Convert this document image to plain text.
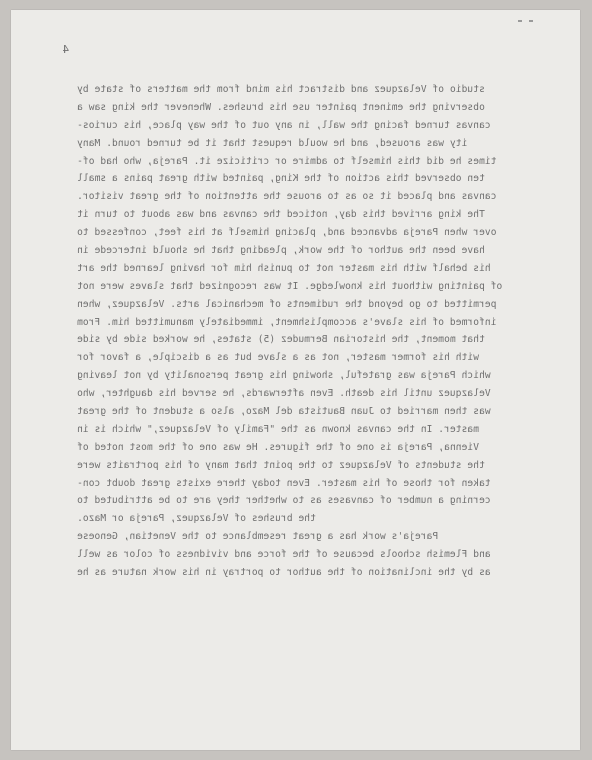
4
studio of Velazquez and distract his mind from the matters of state by
observing the eminent painter use his brushes. Whenever the king saw a
canvas turned facing the wall, in any out of the way place, his curios-
ity was aroused, and he would request that it be turned round. Many
times he did this himself to admire or criticize it. Pareja, who had of-
ten observed this action of the King, painted with great pains a small
canvas and placed it so as to arouse the attention of the great visitor.
The king arrived this day, noticed the canvas and was about to turn it
over when Pareja advanced and, placing himself at his feet, confessed to
have been the author of the work, pleading that he should intercede in
his behalf with his master not to punish him for having learned the art
of painting without his knowledge. It was recognized that slaves were not
permitted to go beyond the rudiments of mechanical arts. Velazquez, when
informed of his slave's accomplishment, immediately manumitted him. From
that moment, the historian Bermudez (5) states, he worked side by side
with his former master, not as a slave but as a disciple, a favor for
which Pareja was grateful, showing his great personality by not leaving
Velazquez until his death. Even afterwards, he served his daughter, who
was then married to Juan Bautista del Mazo, also a student of the great
master. In the canvas known as the "Family of Velazquez," which is in
Vienna, Pareja is one of the figures. He was one of the most noted of
the students of Velazquez to the point that many of his portraits were
taken for those of his master. Even today there exists great doubt con-
cerning a number of canvases as to whether they are to be attributed to
the brushes of Velazquez, Pareja or Mazo.
Pareja's work has a great resemblance to the Venetian, Genoese
and Flemish schools because of the force and vividness of color as well
as by the inclination of the author to portray in his work nature as he
